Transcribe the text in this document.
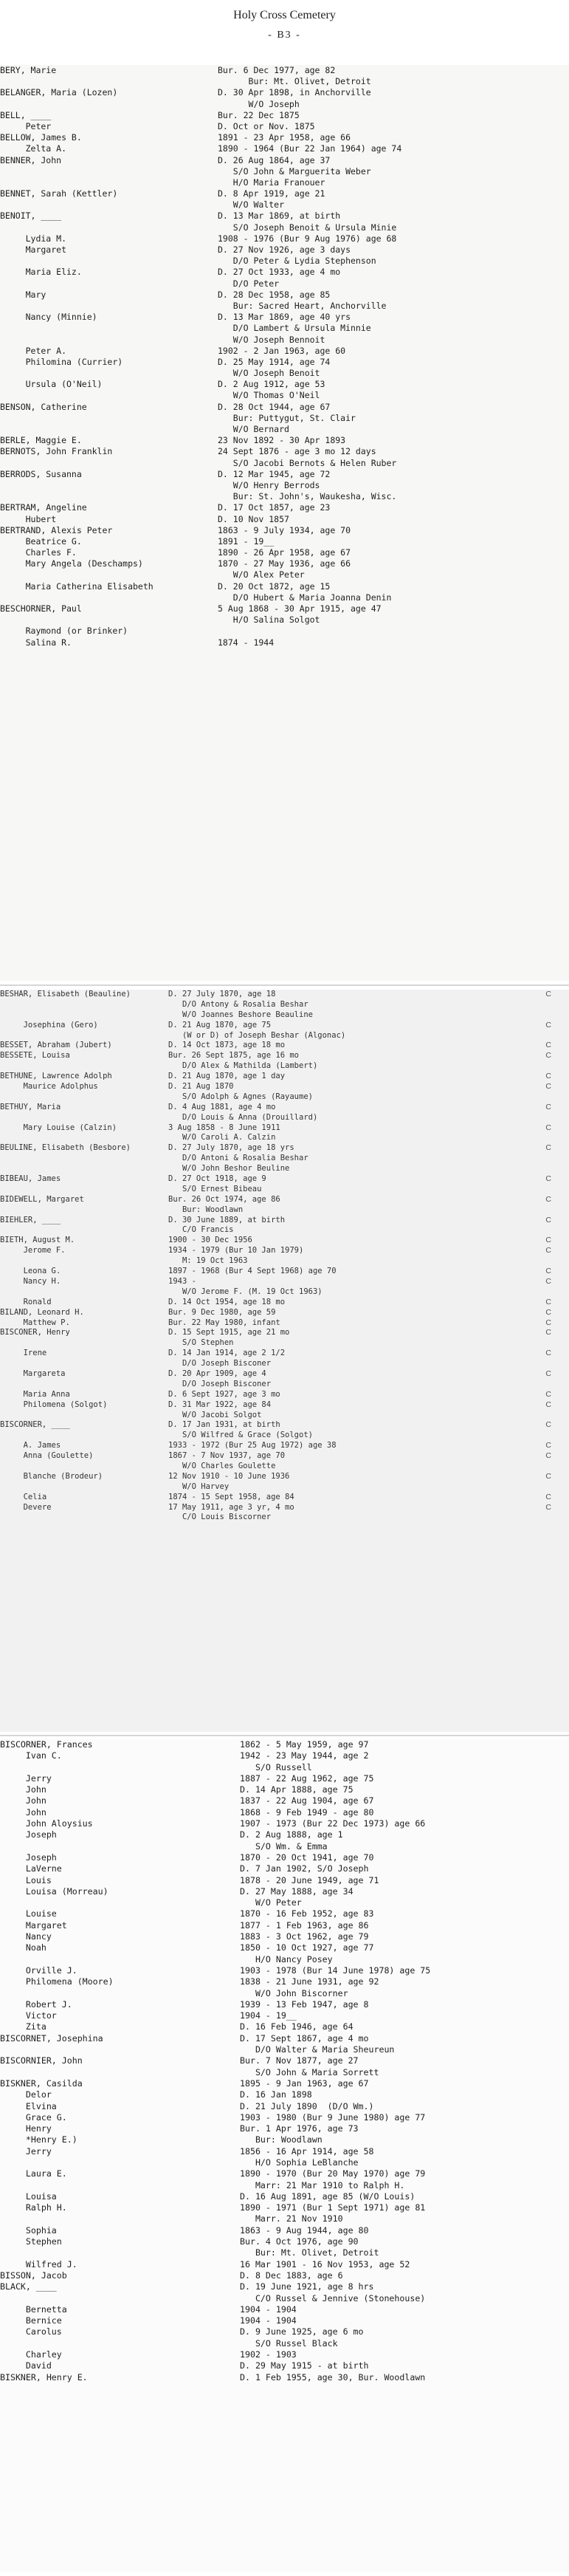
Holy Cross Cemetery
- B3 -
BERY, Marie	Bur. 6 Dec 1977, age 82
Bur: Mt. Olivet, Detroit
BELANGER, Maria (Lozen)	D. 30 Apr 1898, in Anchorville
W/O Joseph
BELL, ____	Bur. 22 Dec 1875
Peter	D. Oct or Nov. 1875
BELLOW, James B.	1891 - 23 Apr 1958, age 66
Zelta A.	1890 - 1964 (Bur 22 Jan 1964) age 74
BENNER, John	D. 26 Aug 1864, age 37
S/O John & Marguerita Weber
H/O Maria Franouer
BENNET, Sarah (Kettler)	D. 8 Apr 1919, age 21
W/O Walter
BENOIT, ____	D. 13 Mar 1869, at birth
S/O Joseph Benoit & Ursula Minie
Lydia M.	1908 - 1976 (Bur 9 Aug 1976) age 68
Margaret	D. 27 Nov 1926, age 3 days
D/O Peter & Lydia Stephenson
Maria Eliz.	D. 27 Oct 1933, age 4 mo
D/O Peter
Mary	D. 28 Dec 1958, age 85
Bur: Sacred Heart, Anchorville
Nancy (Minnie)	D. 13 Mar 1869, age 40 yrs
D/O Lambert & Ursula Minnie
W/O Joseph Bennoit
Peter A.	1902 - 2 Jan 1963, age 60
Philomina (Currier)	D. 25 May 1914, age 74
W/O Joseph Benoit
Ursula (O'Neil)	D. 2 Aug 1912, age 53
W/O Thomas O'Neil
BENSON, Catherine	D. 28 Oct 1944, age 67
Bur: Puttygut, St. Clair
W/O Bernard
BERLE, Maggie E.	23 Nov 1892 - 30 Apr 1893
BERNOTS, John Franklin	24 Sept 1876 - age 3 mo 12 days
S/O Jacobi Bernots & Helen Ruber
BERRODS, Susanna	D. 12 Mar 1945, age 72
W/O Henry Berrods
Bur: St. John's, Waukesha, Wisc.
BERTRAM, Angeline	D. 17 Oct 1857, age 23
Hubert	D. 10 Nov 1857
BERTRAND, Alexis Peter	1863 - 9 July 1934, age 70
Beatrice G.	1891 - 19__
Charles F.	1890 - 26 Apr 1958, age 67
Mary Angela (Deschamps)	1870 - 27 May 1936, age 66
W/O Alex Peter
Maria Catherina Elisabeth	D. 20 Oct 1872, age 15
D/O Hubert & Maria Joanna Denin
BESCHORNER, Paul	5 Aug 1868 - 30 Apr 1915, age 47
H/O Salina Solgot
Raymond (or Brinker)
Salina R.	1874 - 1944
BESHAR, Elisabeth (Beauline)	D. 27 July 1870, age 18	C
D/O Antony & Rosalia Beshar
W/O Joannes Beshore Beauline
Josephina (Gero)	D. 21 Aug 1870, age 75	C
(W or D) of Joseph Beshar (Algonac)
BESSET, Abraham (Jubert)	D. 14 Oct 1873, age 18 mo	C
BESSETE, Louisa	Bur. 26 Sept 1875, age 16 mo	C
D/O Alex & Mathilda (Lambert)
BETHUNE, Lawrence Adolph	D. 21 Aug 1870, age 1 day	C
Maurice Adolphus	D. 21 Aug 1870	C
S/O Adolph & Agnes (Rayaume)
BETHUY, Maria	D. 4 Aug 1881, age 4 mo	C
D/O Louis & Anna (Drouillard)
Mary Louise (Calzin)	3 Aug 1858 - 8 June 1911	C
W/O Caroli A. Calzin
BEULINE, Elisabeth (Besbore)	D. 27 July 1870, age 18 yrs	C
D/O Antoni & Rosalia Beshar
W/O John Beshor Beuline
BIBEAU, James	D. 27 Oct 1918, age 9	C
S/O Ernest Bibeau
BIDEWELL, Margaret	Bur. 26 Oct 1974, age 86	C
Bur: Woodlawn
BIEHLER, ____	D. 30 June 1889, at birth	C
C/O Francis
BIETH, August M.	1900 - 30 Dec 1956	C
Jerome F.	1934 - 1979 (Bur 10 Jan 1979)	C
M: 19 Oct 1963
Leona G.	1897 - 1968 (Bur 4 Sept 1968) age 70	C
Nancy H.	1943 -	C
W/O Jerome F. (M. 19 Oct 1963)
Ronald	D. 14 Oct 1954, age 18 mo	C
BILAND, Leonard H.	Bur. 9 Dec 1980, age 59	C
Matthew P.	Bur. 22 May 1980, infant	C
BISCONER, Henry	D. 15 Sept 1915, age 21 mo	C
S/O Stephen
Irene	D. 14 Jan 1914, age 2 1/2	C
D/O Joseph Bisconer
Margareta	D. 20 Apr 1909, age 4	C
D/O Joseph Bisconer
Maria Anna	D. 6 Sept 1927, age 3 mo	C
Philomena (Solgot)	D. 31 Mar 1922, age 84	C
W/O Jacobi Solgot
BISCORNER, ____	D. 17 Jan 1931, at birth	C
S/O Wilfred & Grace (Solgot)
A. James	1933 - 1972 (Bur 25 Aug 1972) age 38	C
Anna (Goulette)	1867 - 7 Nov 1937, age 70	C
W/O Charles Goulette
Blanche (Brodeur)	12 Nov 1910 - 10 June 1936	C
W/O Harvey
Celia	1874 - 15 Sept 1958, age 84	C
Devere	17 May 1911, age 3 yr, 4 mo	C
C/O Louis Biscorner
BISCORNER, Frances	1862 - 5 May 1959, age 97
Ivan C.	1942 - 23 May 1944, age 2
S/O Russell
Jerry	1887 - 22 Aug 1962, age 75
John	D. 14 Apr 1888, age 75
John	1837 - 22 Aug 1904, age 67
John	1868 - 9 Feb 1949 - age 80
John Aloysius	1907 - 1973 (Bur 22 Dec 1973) age 66
Joseph	D. 2 Aug 1888, age 1
S/O Wm. & Emma
Joseph	1870 - 20 Oct 1941, age 70
LaVerne	D. 7 Jan 1902, S/O Joseph
Louis	1878 - 20 June 1949, age 71
Louisa (Morreau)	D. 27 May 1888, age 34
W/O Peter
Louise	1870 - 16 Feb 1952, age 83
Margaret	1877 - 1 Feb 1963, age 86
Nancy	1883 - 3 Oct 1962, age 79
Noah	1850 - 10 Oct 1927, age 77
H/O Nancy Posey
Orville J.	1903 - 1978 (Bur 14 June 1978) age 75
Philomena (Moore)	1838 - 21 June 1931, age 92
W/O John Biscorner
Robert J.	1939 - 13 Feb 1947, age 8
Victor	1904 - 19__
Zita	D. 16 Feb 1946, age 64
BISCORNET, Josephina	D. 17 Sept 1867, age 4 mo
D/O Walter & Maria Sheureun
BISCORNIER, John	Bur. 7 Nov 1877, age 27
S/O John & Maria Sorrett
BISKNER, Casilda	1895 - 9 Jan 1963, age 67
Delor	D. 16 Jan 1898
Elvina	D. 21 July 1890  (D/O Wm.)
Grace G.	1903 - 1980 (Bur 9 June 1980) age 77
Henry	Bur. 1 Apr 1976, age 73
*Henry E.)	Bur: Woodlawn
Jerry	1856 - 16 Apr 1914, age 58
H/O Sophia LeBlanche
Laura E.	1890 - 1970 (Bur 20 May 1970) age 79
Marr: 21 Mar 1910 to Ralph H.
Louisa	D. 16 Aug 1891, age 85 (W/O Louis)
Ralph H.	1890 - 1971 (Bur 1 Sept 1971) age 81
Marr. 21 Nov 1910
Sophia	1863 - 9 Aug 1944, age 80
Stephen	Bur. 4 Oct 1976, age 90
Bur: Mt. Olivet, Detroit
Wilfred J.	16 Mar 1901 - 16 Nov 1953, age 52
BISSON, Jacob	D. 8 Dec 1883, age 6
BLACK, ____	D. 19 June 1921, age 8 hrs
C/O Russel & Jennive (Stonehouse)
Bernetta	1904 - 1904
Bernice	1904 - 1904
Carolus	D. 9 June 1925, age 6 mo
S/O Russel Black
Charley	1902 - 1903
David	D. 29 May 1915 - at birth
BISKNER, Henry E.	D. 1 Feb 1955, age 30, Bur. Woodlawn
